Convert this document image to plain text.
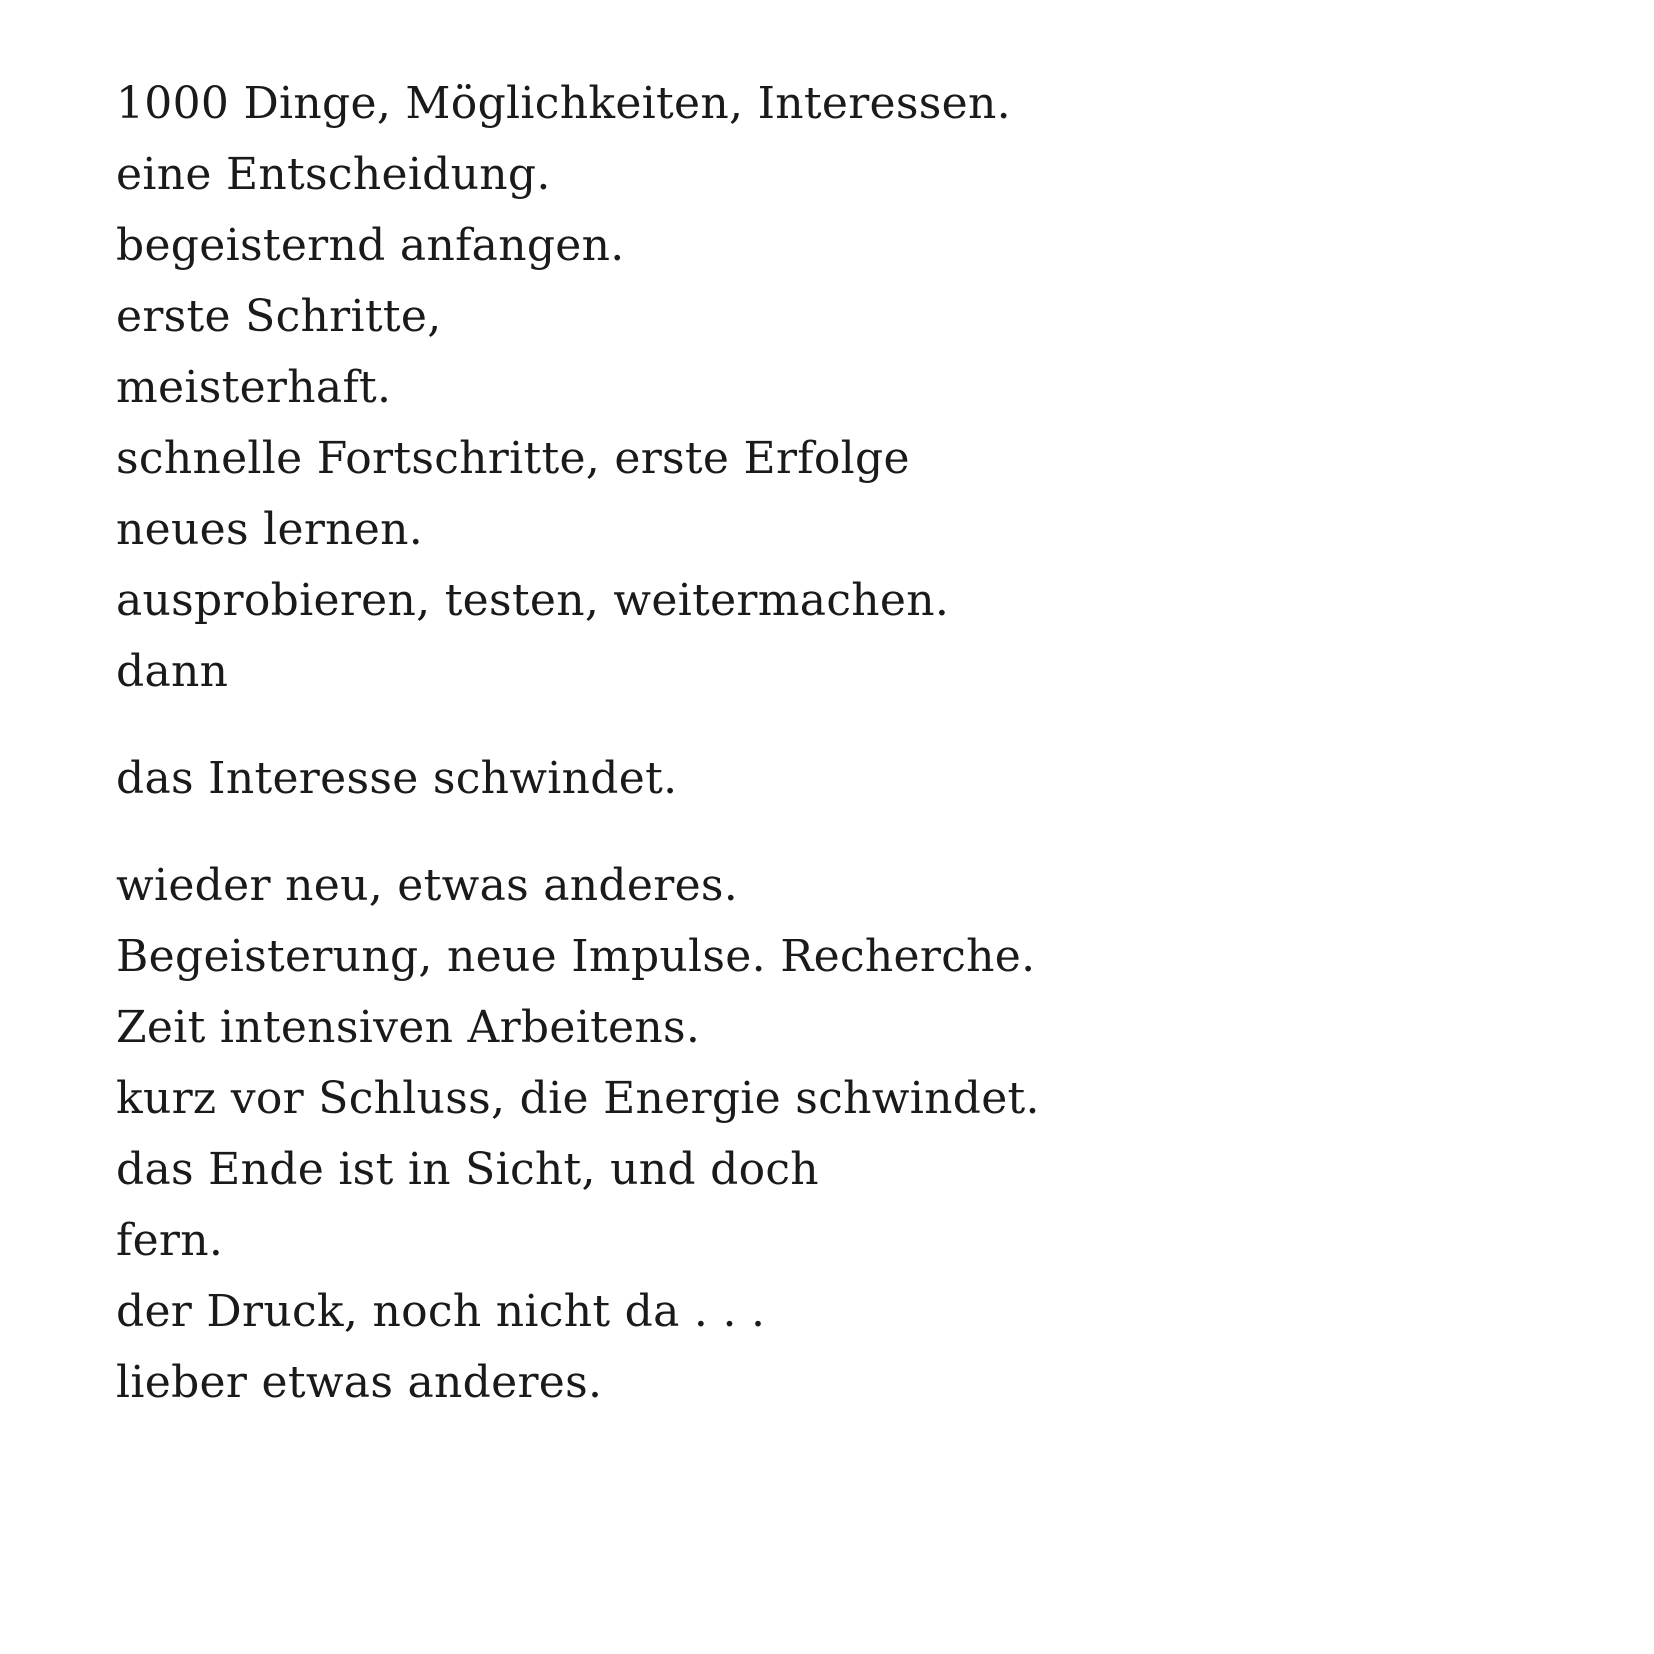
1000 Dinge, Möglichkeiten, Interessen.
eine Entscheidung.
begeisternd anfangen.
erste Schritte,
meisterhaft.
schnelle Fortschritte, erste Erfolge
neues lernen.
ausprobieren, testen, weitermachen.
dann

das Interesse schwindet.

wieder neu, etwas anderes.
Begeisterung, neue Impulse. Recherche.
Zeit intensiven Arbeitens.
kurz vor Schluss, die Energie schwindet.
das Ende ist in Sicht, und doch
fern.
der Druck, noch nicht da . . .
lieber etwas anderes.
